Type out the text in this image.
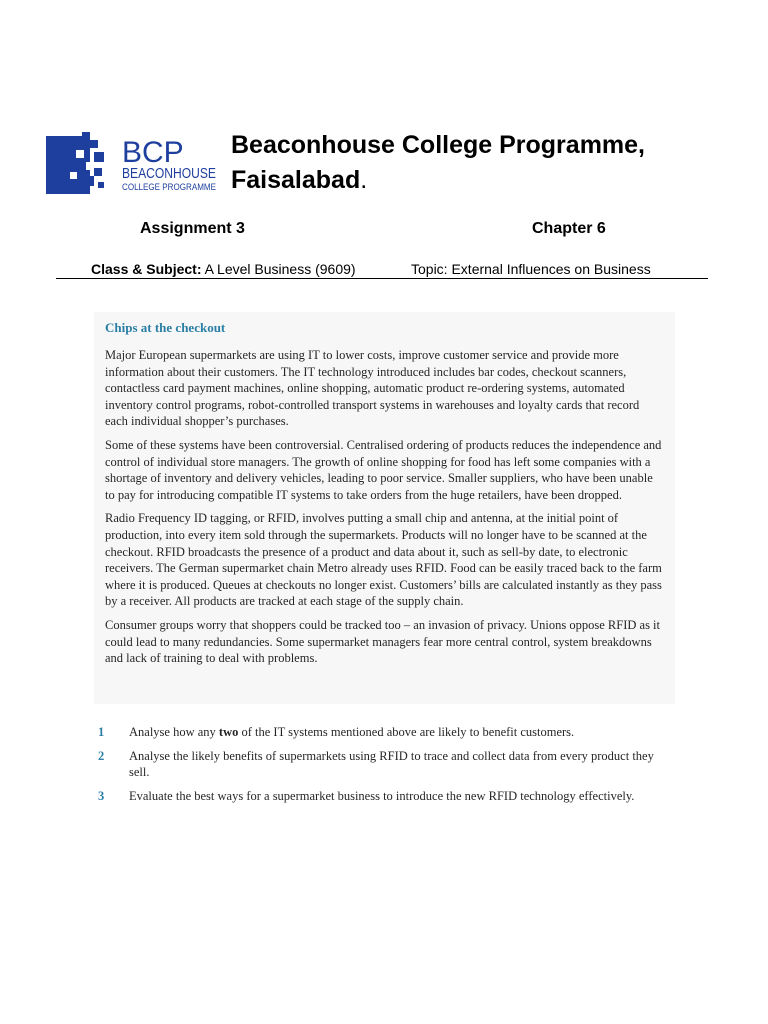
BCP
BEACONHOUSE
COLLEGE PROGRAMME
Beaconhouse College Programme,
Faisalabad.
Assignment 3	Chapter 6
Class & Subject: A Level Business (9609)	Topic: External Influences on Business
Chips at the checkout

Major European supermarkets are using IT to lower costs, improve customer service and provide more information about their customers. The IT technology introduced includes bar codes, checkout scanners, contactless card payment machines, online shopping, automatic product re-ordering systems, automated inventory control programs, robot-controlled transport systems in warehouses and loyalty cards that record each individual shopper’s purchases.

Some of these systems have been controversial. Centralised ordering of products reduces the independence and control of individual store managers. The growth of online shopping for food has left some companies with a shortage of inventory and delivery vehicles, leading to poor service. Smaller suppliers, who have been unable to pay for introducing compatible IT systems to take orders from the huge retailers, have been dropped.

Radio Frequency ID tagging, or RFID, involves putting a small chip and antenna, at the initial point of production, into every item sold through the supermarkets. Products will no longer have to be scanned at the checkout. RFID broadcasts the presence of a product and data about it, such as sell-by date, to electronic receivers. The German supermarket chain Metro already uses RFID. Food can be easily traced back to the farm where it is produced. Queues at checkouts no longer exist. Customers’ bills are calculated instantly as they pass by a receiver. All products are tracked at each stage of the supply chain.

Consumer groups worry that shoppers could be tracked too – an invasion of privacy. Unions oppose RFID as it could lead to many redundancies. Some supermarket managers fear more central control, system breakdowns and lack of training to deal with problems.

1	Analyse how any two of the IT systems mentioned above are likely to benefit customers.
2	Analyse the likely benefits of supermarkets using RFID to trace and collect data from every product they sell.
3	Evaluate the best ways for a supermarket business to introduce the new RFID technology effectively.
